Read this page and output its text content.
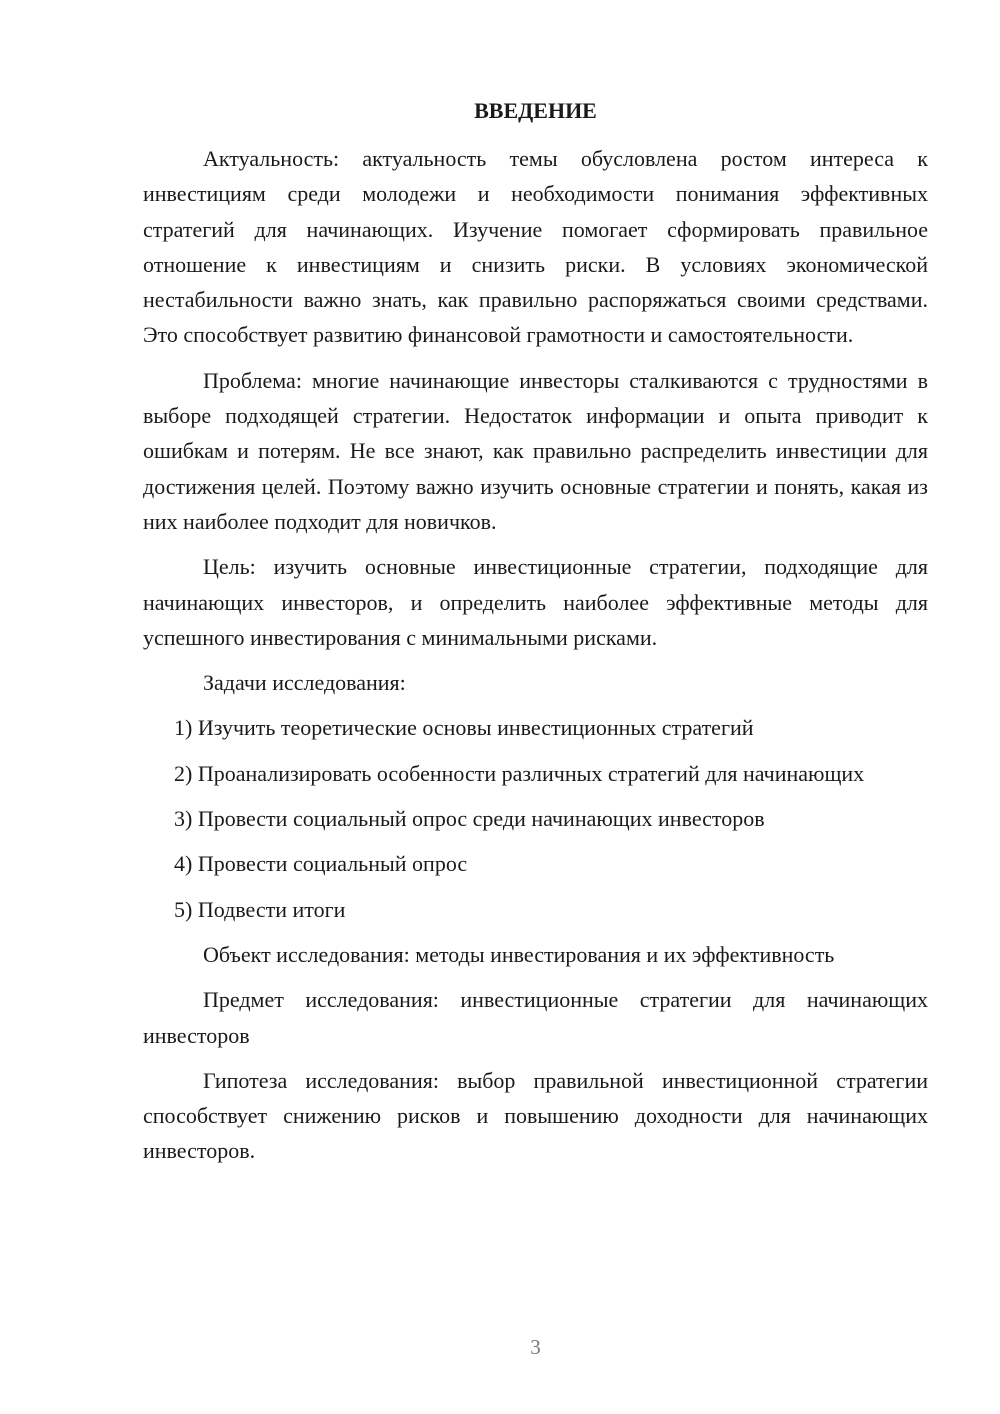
ВВЕДЕНИЕ

Актуальность: актуальность темы обусловлена ростом интереса к инвестициям среди молодежи и необходимости понимания эффективных стратегий для начинающих. Изучение помогает сформировать правильное отношение к инвестициям и снизить риски. В условиях экономической нестабильности важно знать, как правильно распоряжаться своими средствами. Это способствует развитию финансовой грамотности и самостоятельности.

Проблема: многие начинающие инвесторы сталкиваются с трудностями в выборе подходящей стратегии. Недостаток информации и опыта приводит к ошибкам и потерям. Не все знают, как правильно распределить инвестиции для достижения целей. Поэтому важно изучить основные стратегии и понять, какая из них наиболее подходит для новичков.

Цель: изучить основные инвестиционные стратегии, подходящие для начинающих инвесторов, и определить наиболее эффективные методы для успешного инвестирования с минимальными рисками.

Задачи исследования:

1) Изучить теоретические основы инвестиционных стратегий

2) Проанализировать особенности различных стратегий для начинающих

3) Провести социальный опрос среди начинающих инвесторов

4) Провести социальный опрос

5) Подвести итоги

Объект исследования: методы инвестирования и их эффективность

Предмет исследования: инвестиционные стратегии для начинающих инвесторов

Гипотеза исследования: выбор правильной инвестиционной стратегии способствует снижению рисков и повышению доходности для начинающих инвесторов.

3
